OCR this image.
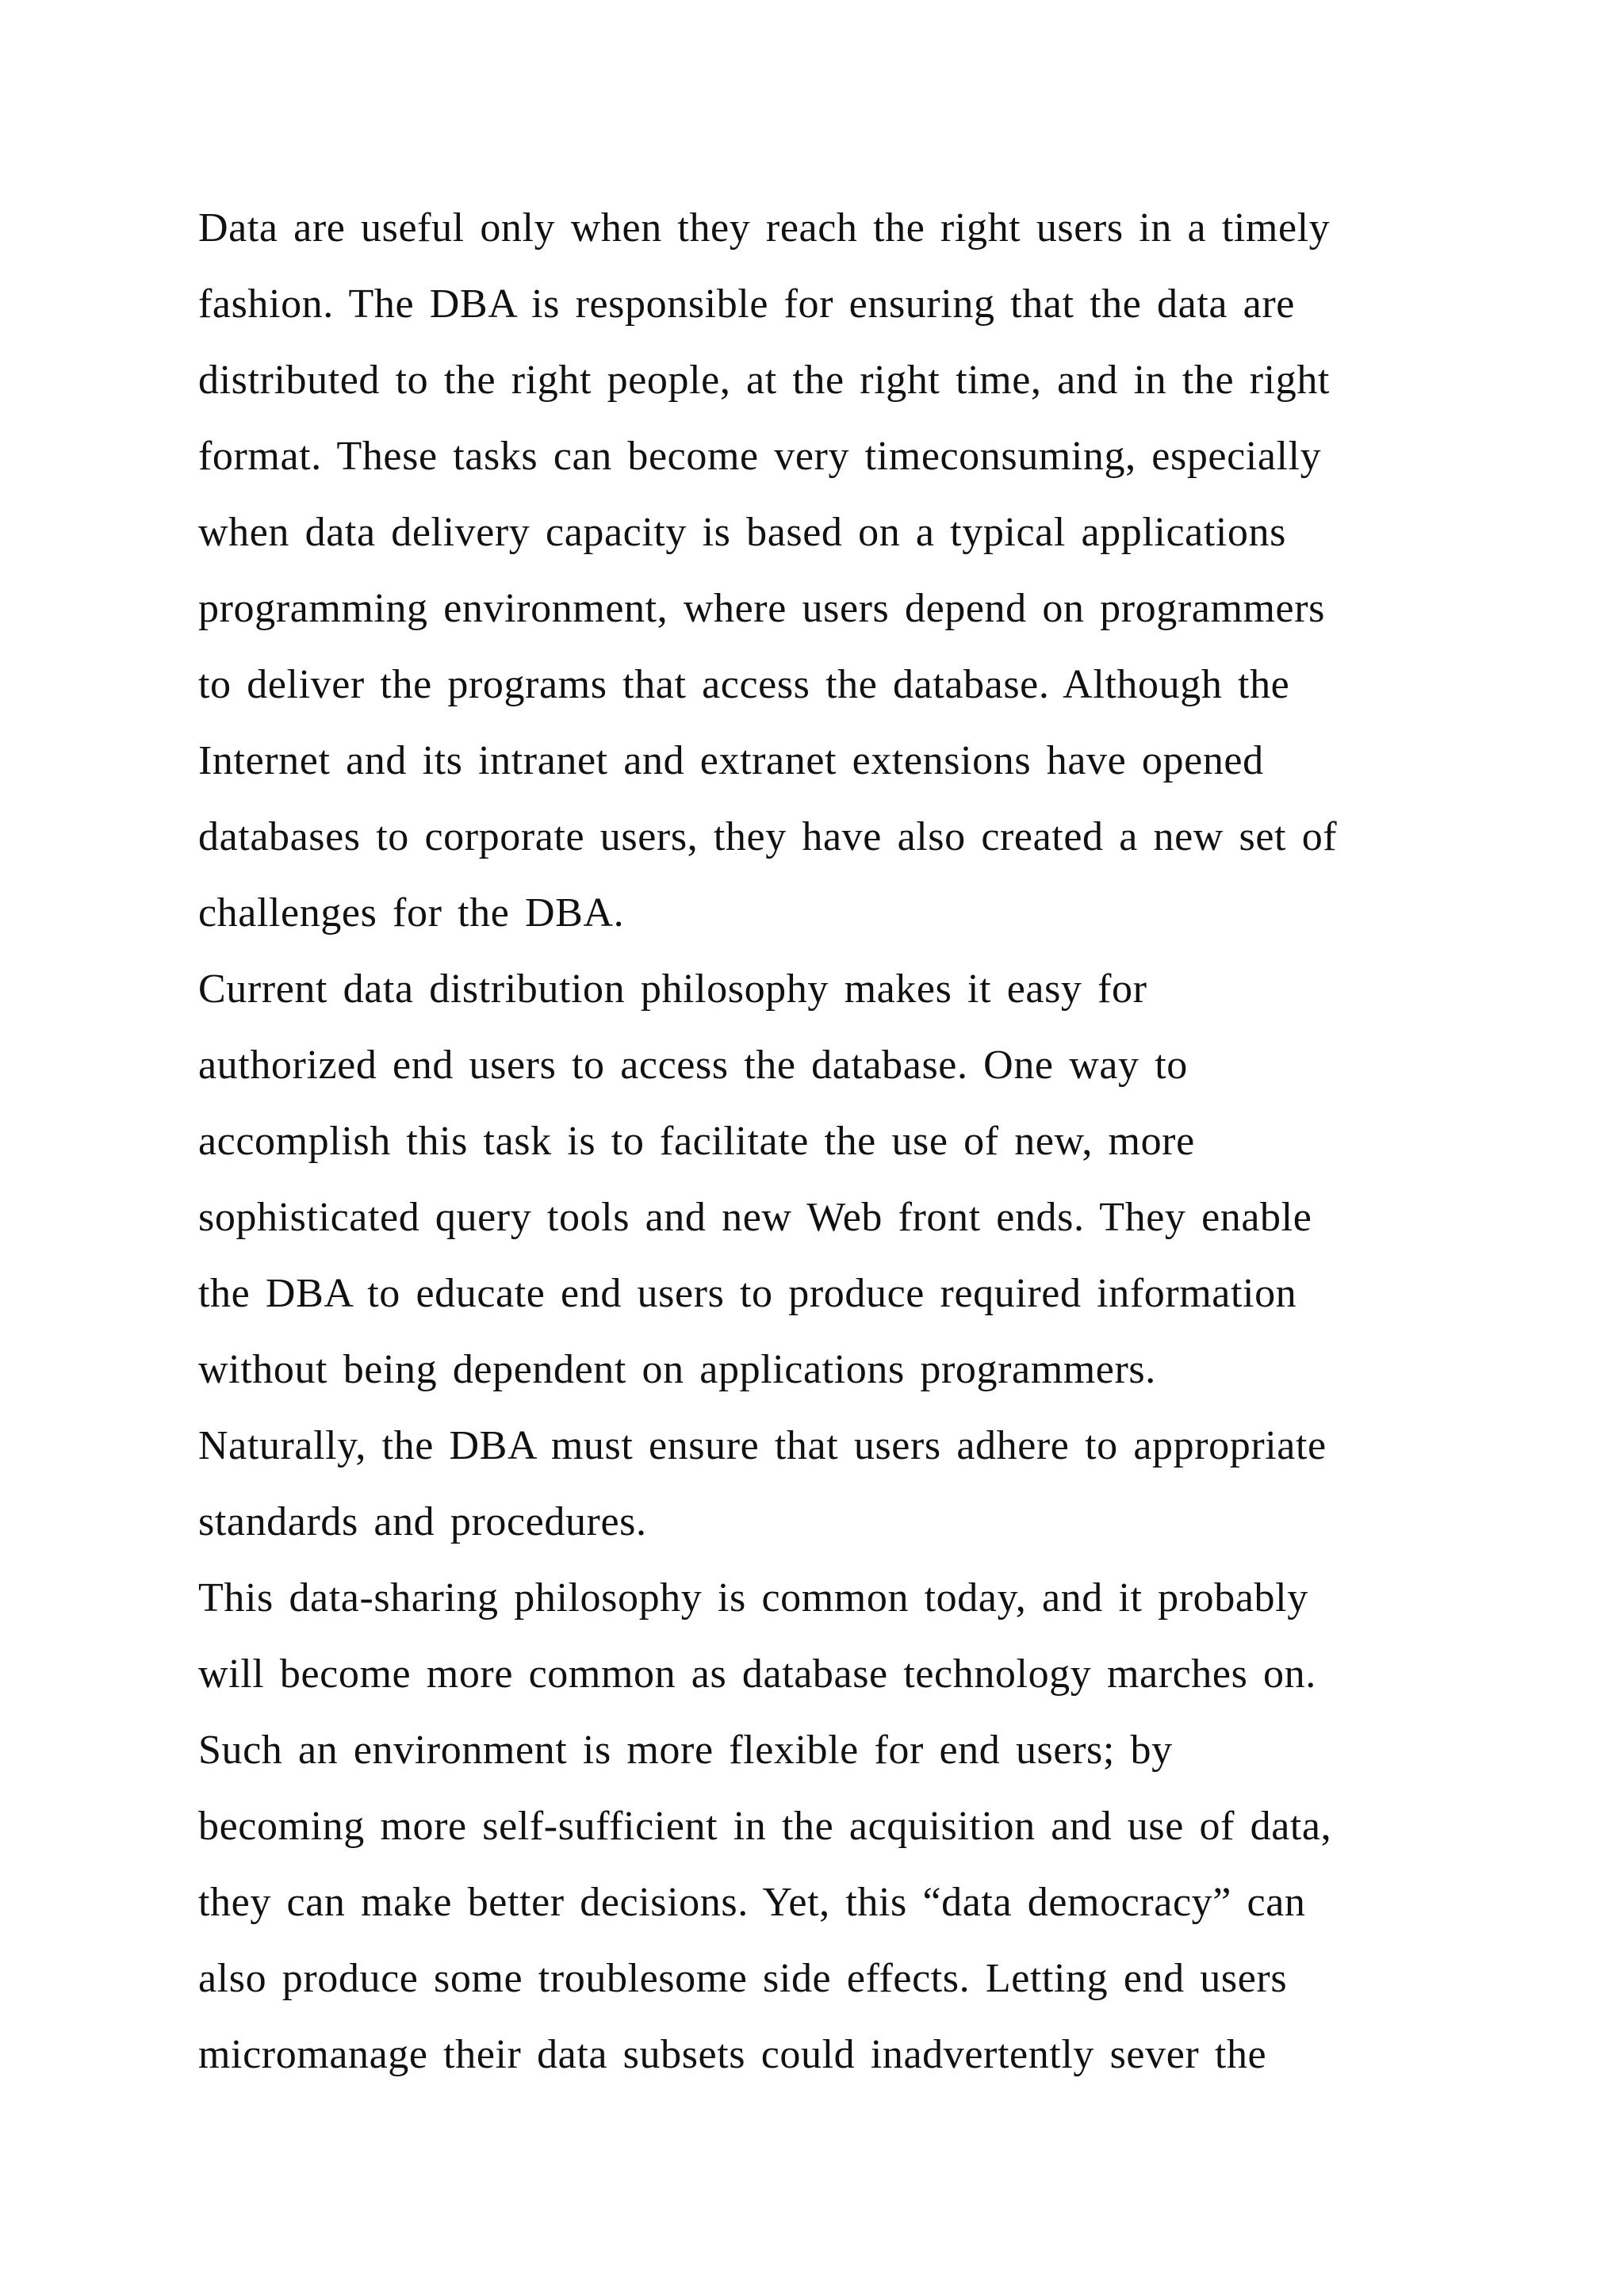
Data are useful only when they reach the right users in a timely
fashion. The DBA is responsible for ensuring that the data are
distributed to the right people, at the right time, and in the right
format. These tasks can become very timeconsuming, especially
when data delivery capacity is based on a typical applications
programming environment, where users depend on programmers
to deliver the programs that access the database. Although the
Internet and its intranet and extranet extensions have opened
databases to corporate users, they have also created a new set of
challenges for the DBA.
Current data distribution philosophy makes it easy for
authorized end users to access the database. One way to
accomplish this task is to facilitate the use of new, more
sophisticated query tools and new Web front ends. They enable
the DBA to educate end users to produce required information
without being dependent on applications programmers.
Naturally, the DBA must ensure that users adhere to appropriate
standards and procedures.
This data-sharing philosophy is common today, and it probably
will become more common as database technology marches on.
Such an environment is more flexible for end users; by
becoming more self-sufficient in the acquisition and use of data,
they can make better decisions. Yet, this “data democracy” can
also produce some troublesome side effects. Letting end users
micromanage their data subsets could inadvertently sever the
